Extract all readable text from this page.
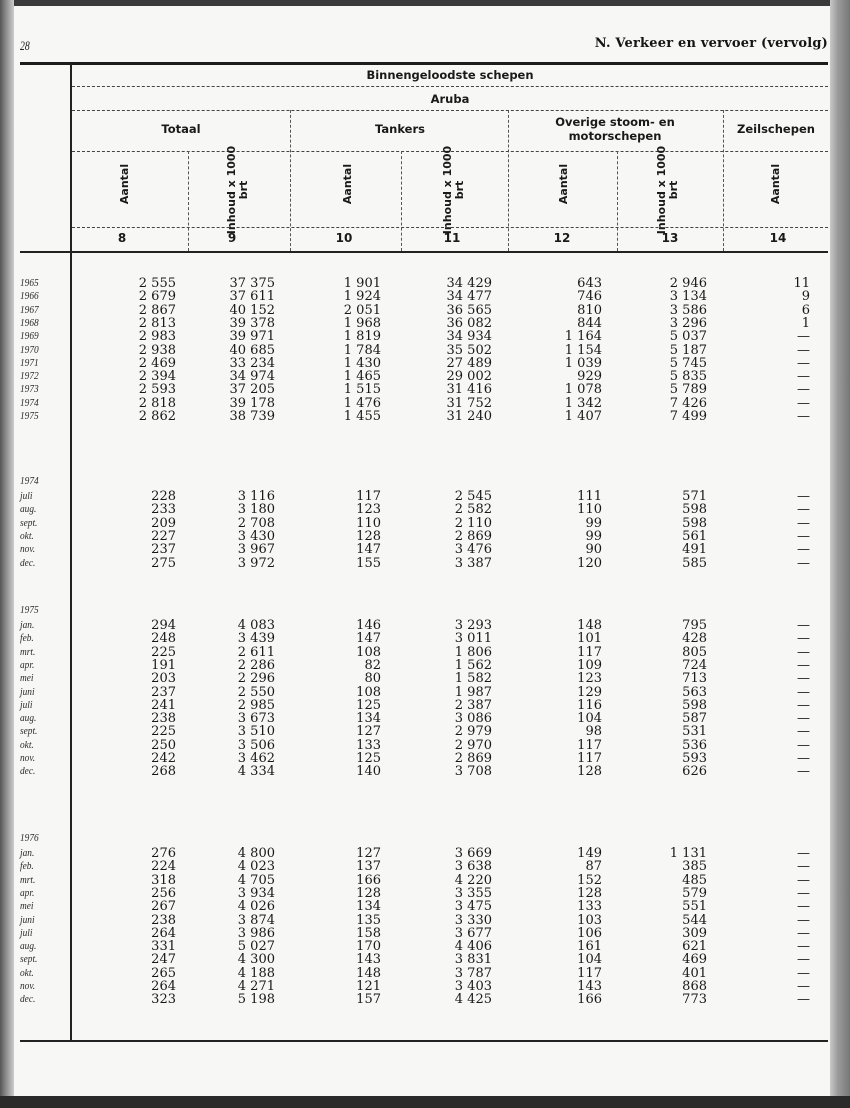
28	N. Verkeer en vervoer (vervolg)
Binnengeloodste schepen
Aruba
Totaal	Tankers	Overige stoom- en motorschepen	Zeilschepen
Aantal	Inhoud x 1000 brt	Aantal	Inhoud x 1000 brt	Aantal	Inhoud x 1000 brt	Aantal
8	9	10	11	12	13	14
1965	2 555	37 375	1 901	34 429	643	2 946	11
1966	2 679	37 611	1 924	34 477	746	3 134	9
1967	2 867	40 152	2 051	36 565	810	3 586	6
1968	2 813	39 378	1 968	36 082	844	3 296	1
1969	2 983	39 971	1 819	34 934	1 164	5 037	—
1970	2 938	40 685	1 784	35 502	1 154	5 187	—
1971	2 469	33 234	1 430	27 489	1 039	5 745	—
1972	2 394	34 974	1 465	29 002	929	5 835	—
1973	2 593	37 205	1 515	31 416	1 078	5 789	—
1974	2 818	39 178	1 476	31 752	1 342	7 426	—
1975	2 862	38 739	1 455	31 240	1 407	7 499	—
1974
juli	228	3 116	117	2 545	111	571	—
aug.	233	3 180	123	2 582	110	598	—
sept.	209	2 708	110	2 110	99	598	—
okt.	227	3 430	128	2 869	99	561	—
nov.	237	3 967	147	3 476	90	491	—
dec.	275	3 972	155	3 387	120	585	—
1975
jan.	294	4 083	146	3 293	148	795	—
feb.	248	3 439	147	3 011	101	428	—
mrt.	225	2 611	108	1 806	117	805	—
apr.	191	2 286	82	1 562	109	724	—
mei	203	2 296	80	1 582	123	713	—
juni	237	2 550	108	1 987	129	563	—
juli	241	2 985	125	2 387	116	598	—
aug.	238	3 673	134	3 086	104	587	—
sept.	225	3 510	127	2 979	98	531	—
okt.	250	3 506	133	2 970	117	536	—
nov.	242	3 462	125	2 869	117	593	—
dec.	268	4 334	140	3 708	128	626	—
1976
jan.	276	4 800	127	3 669	149	1 131	—
feb.	224	4 023	137	3 638	87	385	—
mrt.	318	4 705	166	4 220	152	485	—
apr.	256	3 934	128	3 355	128	579	—
mei	267	4 026	134	3 475	133	551	—
juni	238	3 874	135	3 330	103	544	—
juli	264	3 986	158	3 677	106	309	—
aug.	331	5 027	170	4 406	161	621	—
sept.	247	4 300	143	3 831	104	469	—
okt.	265	4 188	148	3 787	117	401	—
nov.	264	4 271	121	3 403	143	868	—
dec.	323	5 198	157	4 425	166	773	—
